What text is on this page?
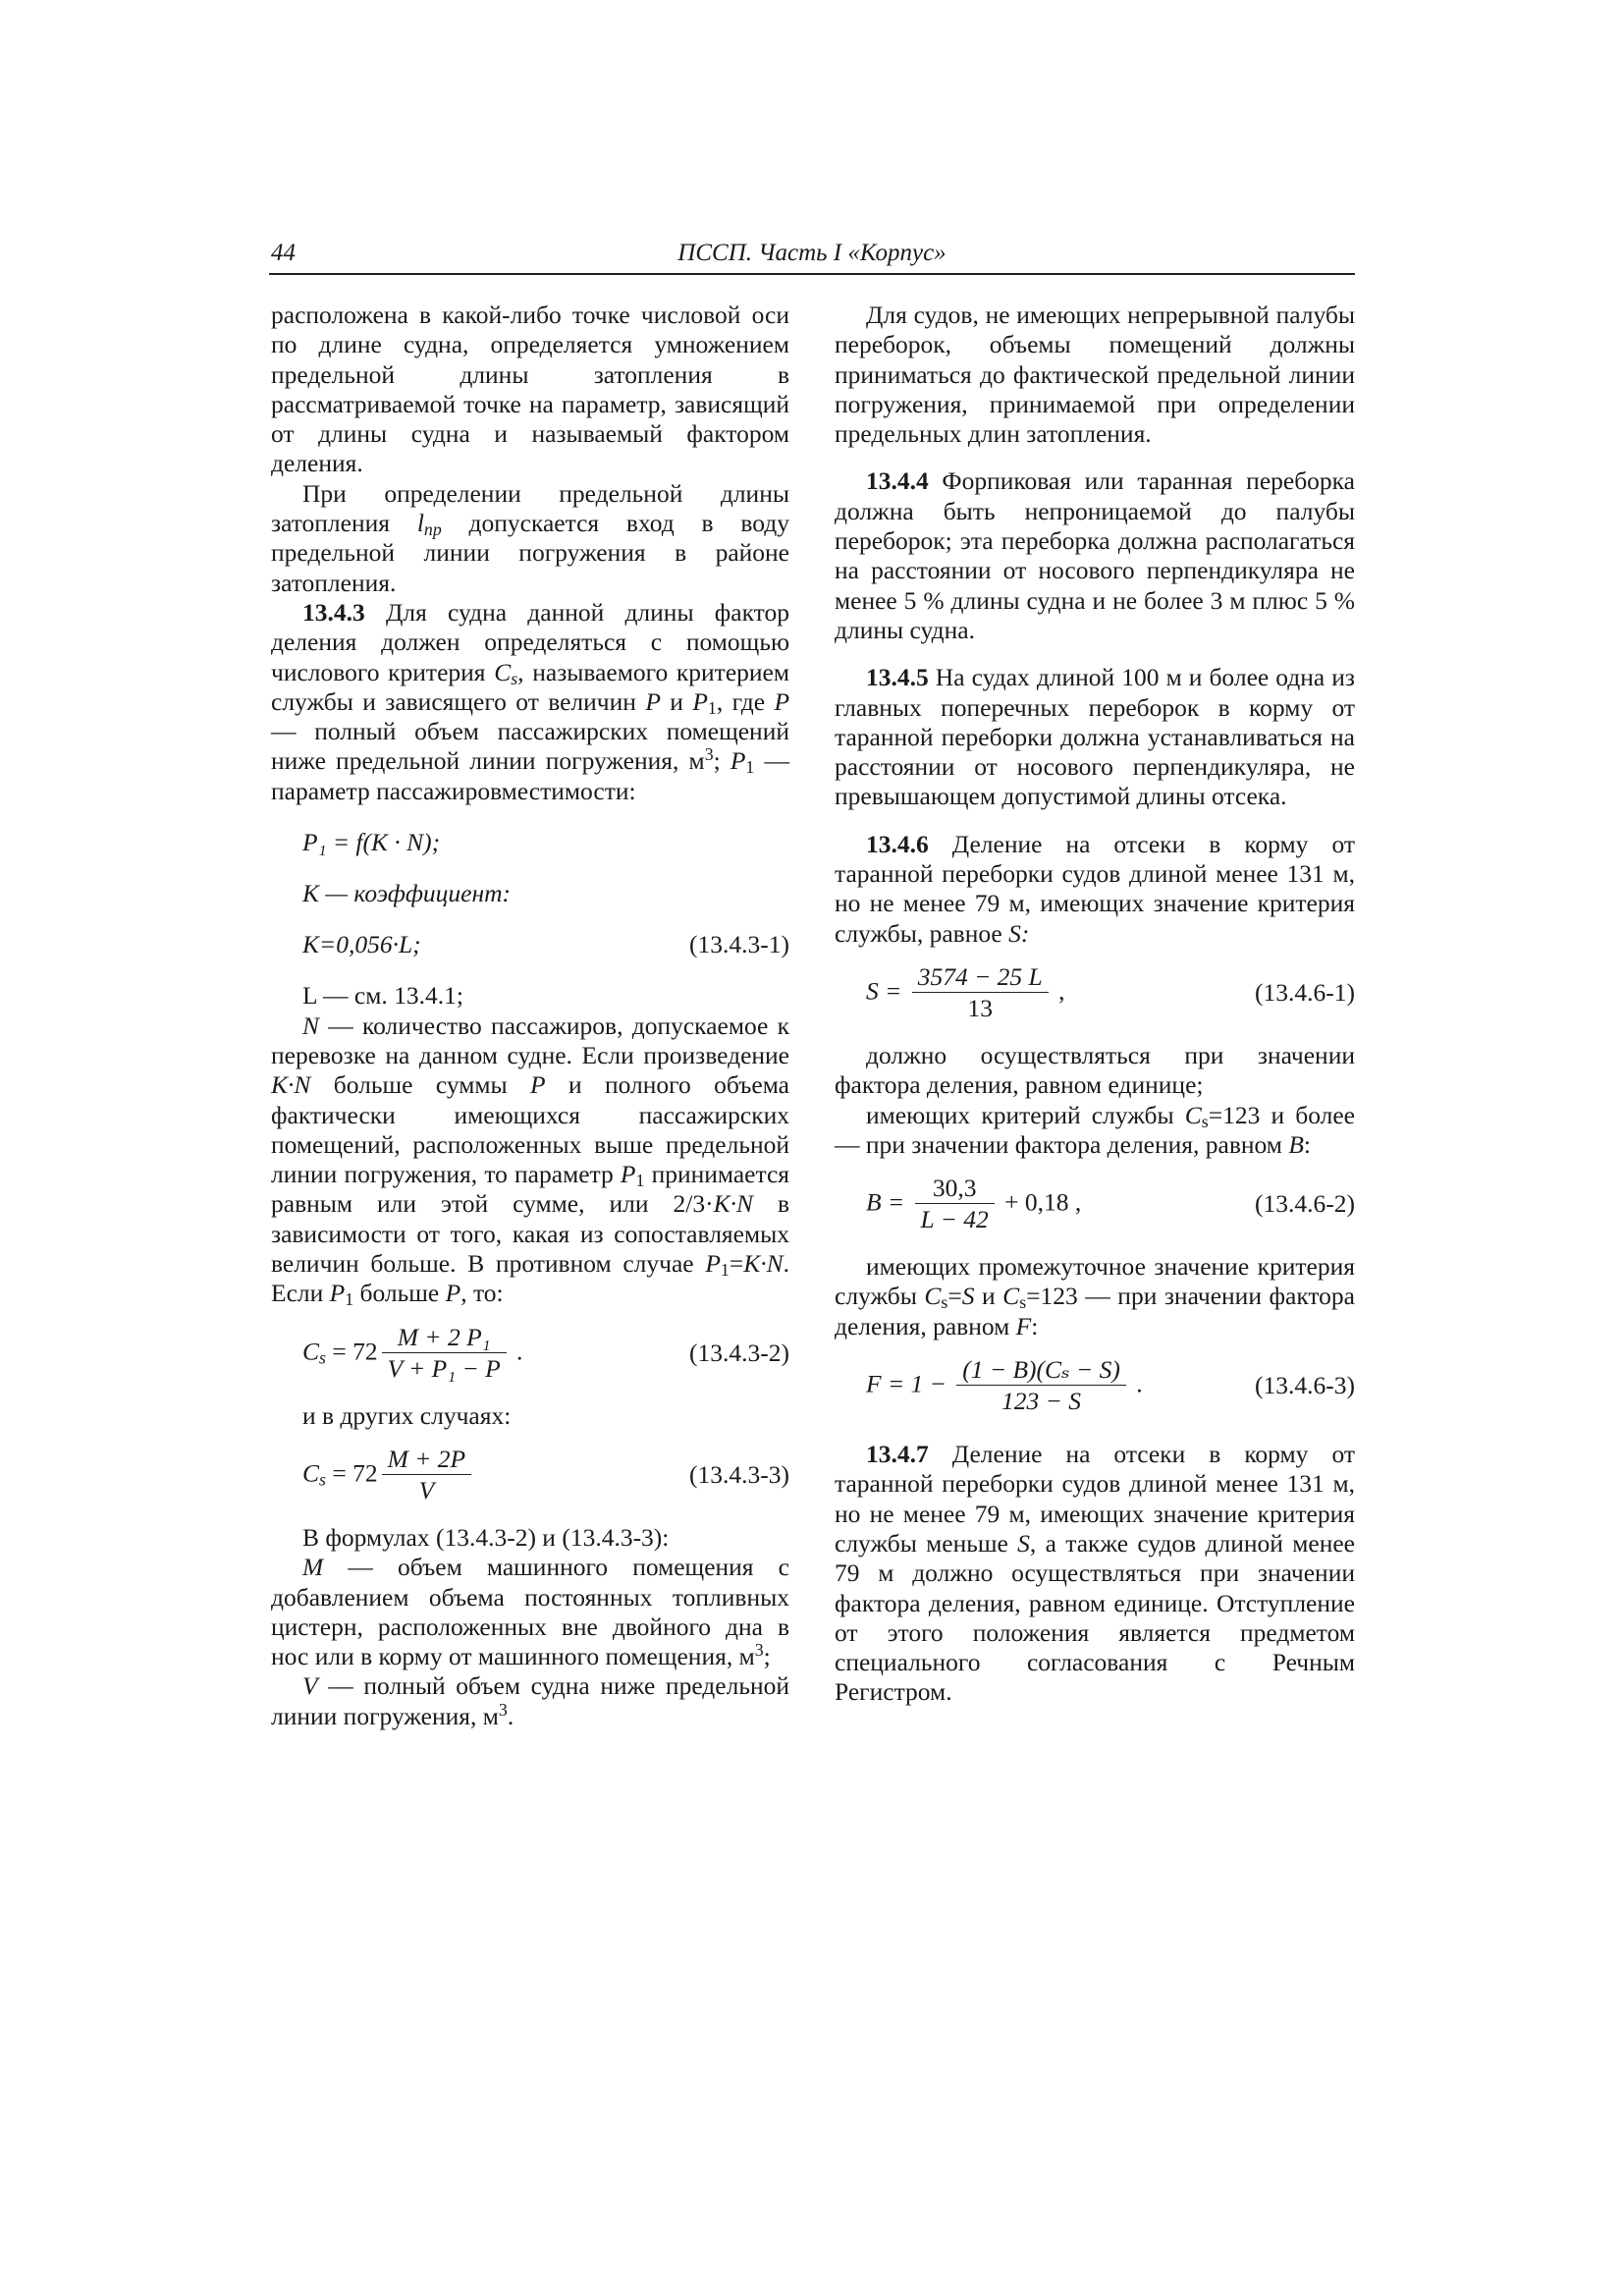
44	ПССП. Часть I «Корпус»

расположена в какой-либо точке числовой оси по длине судна, определяется умножением предельной длины затопления в рассматриваемой точке на параметр, зависящий от длины судна и называемый фактором деления.

При определении предельной длины затопления $l_{пр}$ допускается вход в воду предельной линии погружения в районе затопления.

13.4.3 Для судна данной длины фактор деления должен определяться с помощью числового критерия $C_s$, называемого критерием службы и зависящего от величин P и $P_1$, где P — полный объем пассажирских помещений ниже предельной линии погружения, $м^3$; $P_1$ — параметр пассажировместимости:

P₁ = f(K · N);

K — коэффициент:

K=0,056·L;	(13.4.3-1)

L — см. 13.4.1;

N — количество пассажиров, допускаемое к перевозке на данном судне. Если произведение K·N больше суммы P и полного объема фактически имеющихся пассажирских помещений, расположенных выше предельной линии погружения, то параметр $P_1$ принимается равным или этой сумме, или 2/3·K·N в зависимости от того, какая из сопоставляемых величин больше. В противном случае $P_1=K\cdot N$. Если $P_1$ больше P, то:

$C_s = 72 \frac{\text{M + 2 P₁}}{\text{V + P₁ − P}}$ .	(13.4.3-2)

и в других случаях:

$C_s = 72 \frac{M + 2P}{V}$	(13.4.3-3)

В формулах (13.4.3-2) и (13.4.3-3):

M — объем машинного помещения с добавлением объема постоянных топливных цистерн, расположенных вне двойного дна в нос или в корму от машинного помещения, $м^3$;

V — полный объем судна ниже предельной линии погружения, $м^3$.

Для судов, не имеющих непрерывной палубы переборок, объемы помещений должны приниматься до фактической предельной линии погружения, принимаемой при определении предельных длин затопления.

13.4.4 Форпиковая или таранная переборка должна быть непроницаемой до палубы переборок; эта переборка должна располагаться на расстоянии от носового перпендикуляра не менее 5 % длины судна и не более 3 м плюс 5 % длины судна.

13.4.5 На судах длиной 100 м и более одна из главных поперечных переборок в корму от таранной переборки должна устанавливаться на расстоянии от носового перпендикуляра, не превышающем допустимой длины отсека.

13.4.6 Деление на отсеки в корму от таранной переборки судов длиной менее 131 м, но не менее 79 м, имеющих значение критерия службы, равное S:

$S = \frac{3574 - 25 L}{13}$ ,	(13.4.6-1)

должно осуществляться при значении фактора деления, равном единице;

имеющих критерий службы $C_s=123$ и более — при значении фактора деления, равном B:

$B = \frac{30,3}{L - 42} + 0,18$ ,	(13.4.6-2)

имеющих промежуточное значение критерия службы $C_s=S$ и $C_s=123$ — при значении фактора деления, равном F:

$F = 1 - \frac{\text{(1 − B)(Cₛ − S)}}{123 - S}$ .	(13.4.6-3)

13.4.7 Деление на отсеки в корму от таранной переборки судов длиной менее 131 м, но не менее 79 м, имеющих значение критерия службы меньше S, а также судов длиной менее 79 м должно осуществляться при значении фактора деления, равном единице. Отступление от этого положения является предметом специального согласования с Речным Регистром.
